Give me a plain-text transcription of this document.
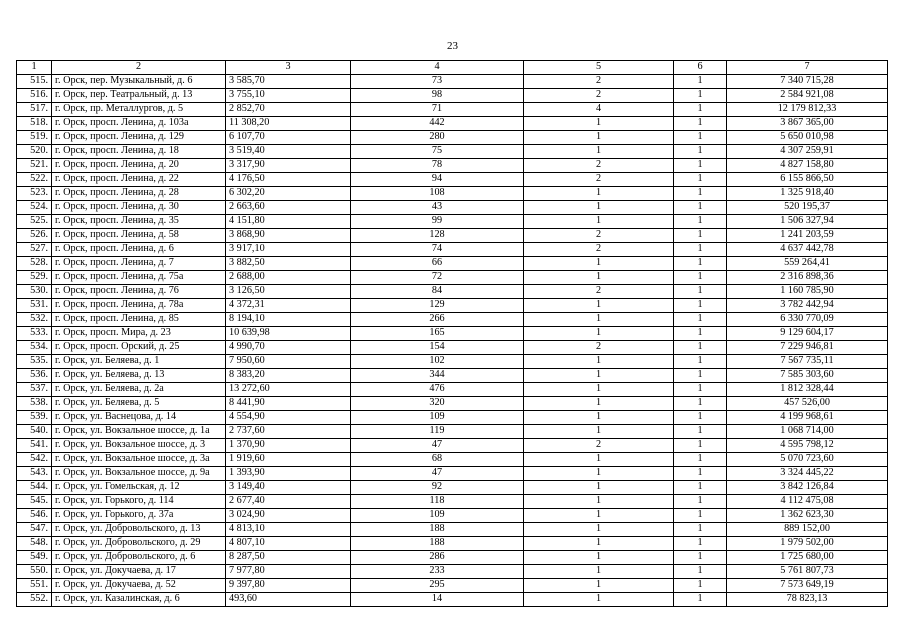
23
1	2	3	4	5	6	7
515.	г. Орск, пер. Музыкальный, д. 6	3 585,70	73	2	1	7 340 715,28
516.	г. Орск, пер. Театральный, д. 13	3 755,10	98	2	1	2 584 921,08
517.	г. Орск, пр. Металлургов, д. 5	2 852,70	71	4	1	12 179 812,33
518.	г. Орск, просп. Ленина, д. 103а	11 308,20	442	1	1	3 867 365,00
519.	г. Орск, просп. Ленина, д. 129	6 107,70	280	1	1	5 650 010,98
520.	г. Орск, просп. Ленина, д. 18	3 519,40	75	1	1	4 307 259,91
521.	г. Орск, просп. Ленина, д. 20	3 317,90	78	2	1	4 827 158,80
522.	г. Орск, просп. Ленина, д. 22	4 176,50	94	2	1	6 155 866,50
523.	г. Орск, просп. Ленина, д. 28	6 302,20	108	1	1	1 325 918,40
524.	г. Орск, просп. Ленина, д. 30	2 663,60	43	1	1	520 195,37
525.	г. Орск, просп. Ленина, д. 35	4 151,80	99	1	1	1 506 327,94
526.	г. Орск, просп. Ленина, д. 58	3 868,90	128	2	1	1 241 203,59
527.	г. Орск, просп. Ленина, д. 6	3 917,10	74	2	1	4 637 442,78
528.	г. Орск, просп. Ленина, д. 7	3 882,50	66	1	1	559 264,41
529.	г. Орск, просп. Ленина, д. 75а	2 688,00	72	1	1	2 316 898,36
530.	г. Орск, просп. Ленина, д. 76	3 126,50	84	2	1	1 160 785,90
531.	г. Орск, просп. Ленина, д. 78а	4 372,31	129	1	1	3 782 442,94
532.	г. Орск, просп. Ленина, д. 85	8 194,10	266	1	1	6 330 770,09
533.	г. Орск, просп. Мира, д. 23	10 639,98	165	1	1	9 129 604,17
534.	г. Орск, просп. Орский, д. 25	4 990,70	154	2	1	7 229 946,81
535.	г. Орск, ул. Беляева, д. 1	7 950,60	102	1	1	7 567 735,11
536.	г. Орск, ул. Беляева, д. 13	8 383,20	344	1	1	7 585 303,60
537.	г. Орск, ул. Беляева, д. 2а	13 272,60	476	1	1	1 812 328,44
538.	г. Орск, ул. Беляева, д. 5	8 441,90	320	1	1	457 526,00
539.	г. Орск, ул. Васнецова, д. 14	4 554,90	109	1	1	4 199 968,61
540.	г. Орск, ул. Вокзальное шоссе, д. 1а	2 737,60	119	1	1	1 068 714,00
541.	г. Орск, ул. Вокзальное шоссе, д. 3	1 370,90	47	2	1	4 595 798,12
542.	г. Орск, ул. Вокзальное шоссе, д. 3а	1 919,60	68	1	1	5 070 723,60
543.	г. Орск, ул. Вокзальное шоссе, д. 9а	1 393,90	47	1	1	3 324 445,22
544.	г. Орск, ул. Гомельская, д. 12	3 149,40	92	1	1	3 842 126,84
545.	г. Орск, ул. Горького, д. 114	2 677,40	118	1	1	4 112 475,08
546.	г. Орск, ул. Горького, д. 37а	3 024,90	109	1	1	1 362 623,30
547.	г. Орск, ул. Добровольского, д. 13	4 813,10	188	1	1	889 152,00
548.	г. Орск, ул. Добровольского, д. 29	4 807,10	188	1	1	1 979 502,00
549.	г. Орск, ул. Добровольского, д. 6	8 287,50	286	1	1	1 725 680,00
550.	г. Орск, ул. Докучаева, д. 17	7 977,80	233	1	1	5 761 807,73
551.	г. Орск, ул. Докучаева, д. 52	9 397,80	295	1	1	7 573 649,19
552.	г. Орск, ул. Казалинская, д. 6	493,60	14	1	1	78 823,13
